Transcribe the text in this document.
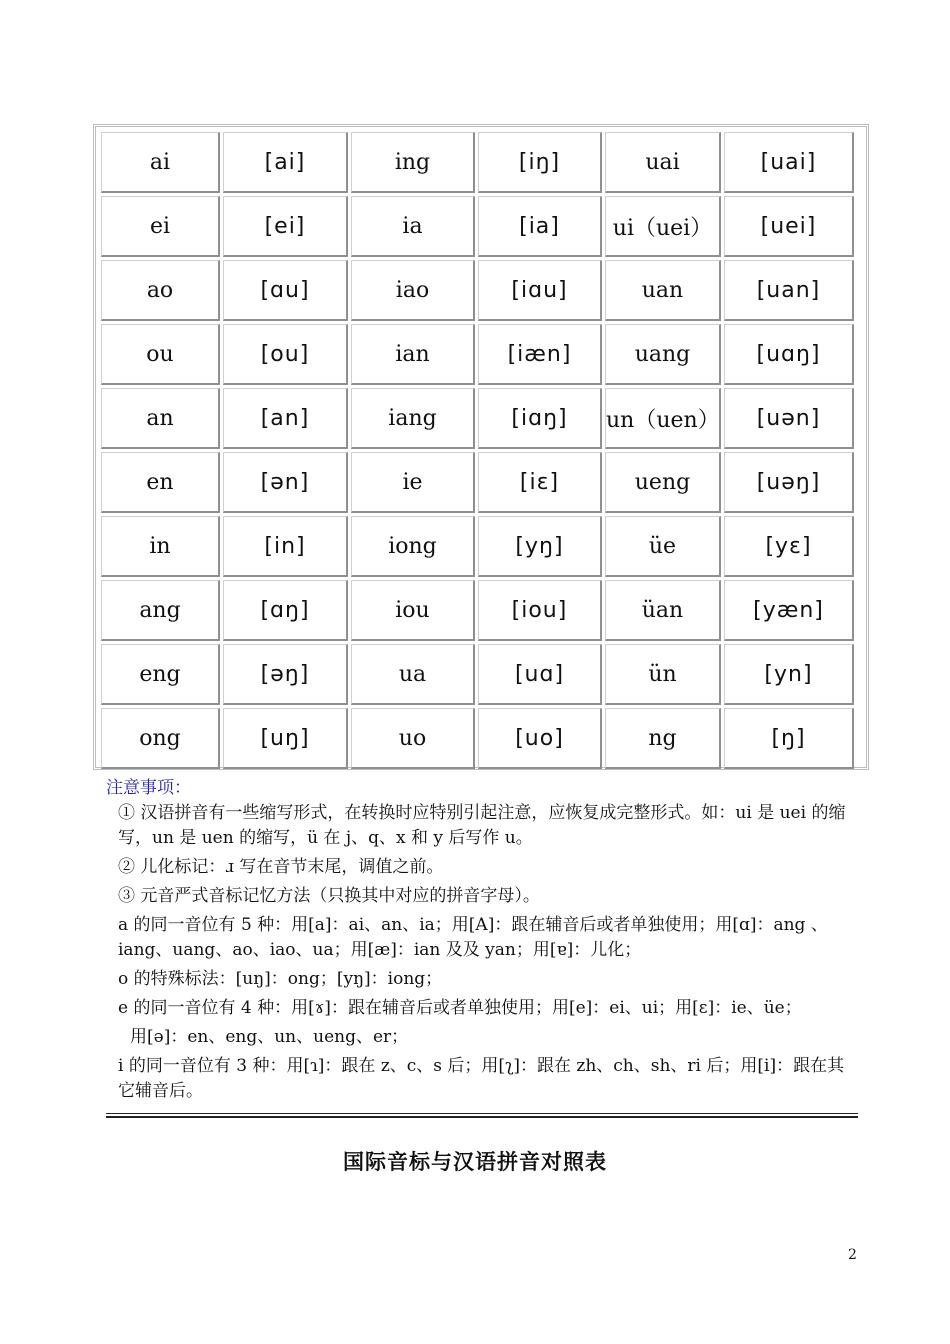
ai	[ai]	ing	[iŋ]	uai	[uai]
ei	[ei]	ia	[ia]	ui（uei）	[uei]
ao	[ɑu]	iao	[iɑu]	uan	[uan]
ou	[ou]	ian	[iæn]	uang	[uɑŋ]
an	[an]	iang	[iɑŋ]	un（uen）	[uən]
en	[ən]	ie	[iɛ]	ueng	[uəŋ]
in	[in]	iong	[yŋ]	üe	[yɛ]
ang	[ɑŋ]	iou	[iou]	üan	[yæn]
eng	[əŋ]	ua	[uɑ]	ün	[yn]
ong	[uŋ]	uo	[uo]	ng	[ŋ]

注意事项：

① 汉语拼音有一些缩写形式，在转换时应特别引起注意，应恢复成完整形式。如：ui 是 uei 的缩写，un 是 uen 的缩写，ü 在 j、q、x 和 y 后写作 u。

② 儿化标记：ɹ 写在音节末尾，调值之前。

③ 元音严式音标记忆方法（只换其中对应的拼音字母）。

a 的同一音位有 5 种：用[a]：ai、an、ia；用[A]：跟在辅音后或者单独使用；用[ɑ]：ang 、iang、uang、ao、iao、ua；用[æ]：ian 及及 yan；用[ɐ]：儿化；

o 的特殊标法：[uŋ]：ong；[yŋ]：iong；

e 的同一音位有 4 种：用[ɤ]：跟在辅音后或者单独使用；用[e]：ei、ui；用[ɛ]：ie、üe；

用[ə]：en、eng、un、ueng、er；

i 的同一音位有 3 种：用[ɿ]：跟在 z、c、s 后；用[ʅ]：跟在 zh、ch、sh、ri 后；用[i]：跟在其它辅音后。

国际音标与汉语拼音对照表
2
